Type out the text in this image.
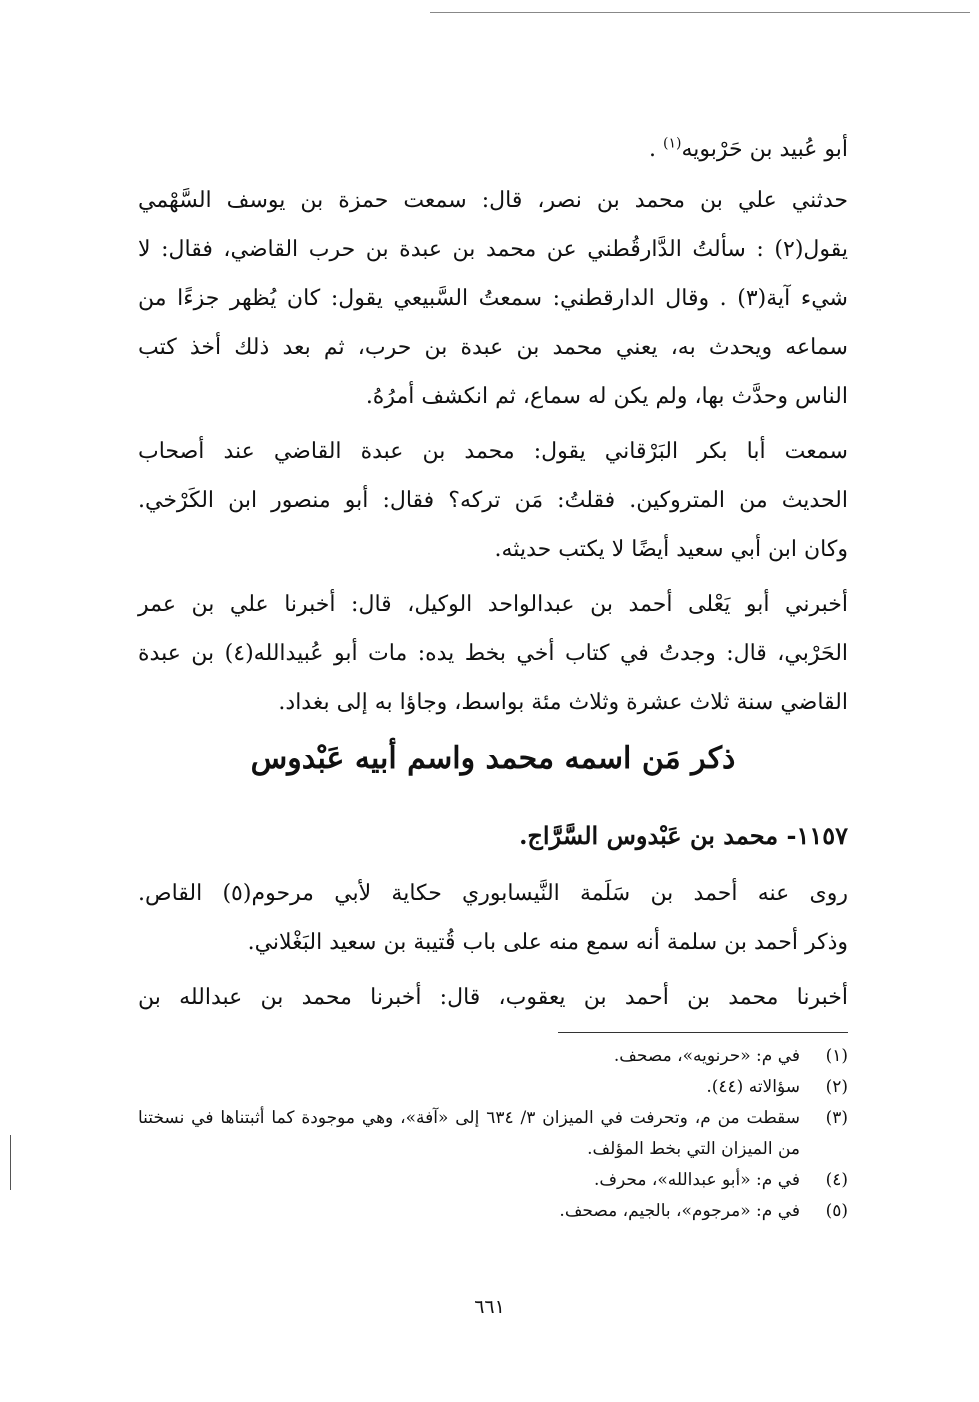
أبو عُبيد بن حَرْبويه$^{(١)}$ .
حدثني علي بن محمد بن نصر، قال: سمعت حمزة بن يوسف السَّهْمي
يقول(٢) : سألتُ الدَّارقُطني عن محمد بن عبدة بن حرب القاضي، فقال: لا
شيء آية(٣) . وقال الدارقطني: سمعتُ السَّبيعي يقول: كان يُظهر جزءًا من
سماعه ويحدث به، يعني محمد بن عبدة بن حرب، ثم بعد ذلك أخذ كتب
الناس وحدَّث بها، ولم يكن له سماع، ثم انكشف أمرُهُ.
سمعت أبا بكر البَرْقاني يقول: محمد بن عبدة القاضي عند أصحاب
الحديث من المتروكين. فقلتُ: مَن تركه؟ فقال: أبو منصور ابن الكَرْخي.
وكان ابن أبي سعيد أيضًا لا يكتب حديثه.
أخبرني أبو يَعْلى أحمد بن عبدالواحد الوكيل، قال: أخبرنا علي بن عمر
الحَرْبي، قال: وجدتُ في كتاب أخي بخط يده: مات أبو عُبيدالله(٤) بن عبدة
القاضي سنة ثلاث عشرة وثلاث مئة بواسط، وجاؤا به إلى بغداد.
ذكر مَن اسمه محمد واسم أبيه عَبْدوس
١١٥٧- محمد بن عَبْدوس السَّرَّاج.
روى عنه أحمد بن سَلَمة النَّيسابوري حكاية لأبي مرحوم(٥) القاص.
وذكر أحمد بن سلمة أنه سمع منه على باب قُتيبة بن سعيد البَغْلاني.
أخبرنا محمد بن أحمد بن يعقوب، قال: أخبرنا محمد بن عبدالله بن
(١)
في م: «حرنويه»، مصحف.
(٢)
سؤالاته (٤٤).
(٣)
سقطت من م، وتحرفت في الميزان ٣/ ٦٣٤ إلى «آفة»، وهي موجودة كما أثبتناها في نسختنا من الميزان التي بخط المؤلف.
(٤)
في م: «أبو عبدالله»، محرف.
(٥)
في م: «مرجوم»، بالجيم، مصحف.
٦٦١
